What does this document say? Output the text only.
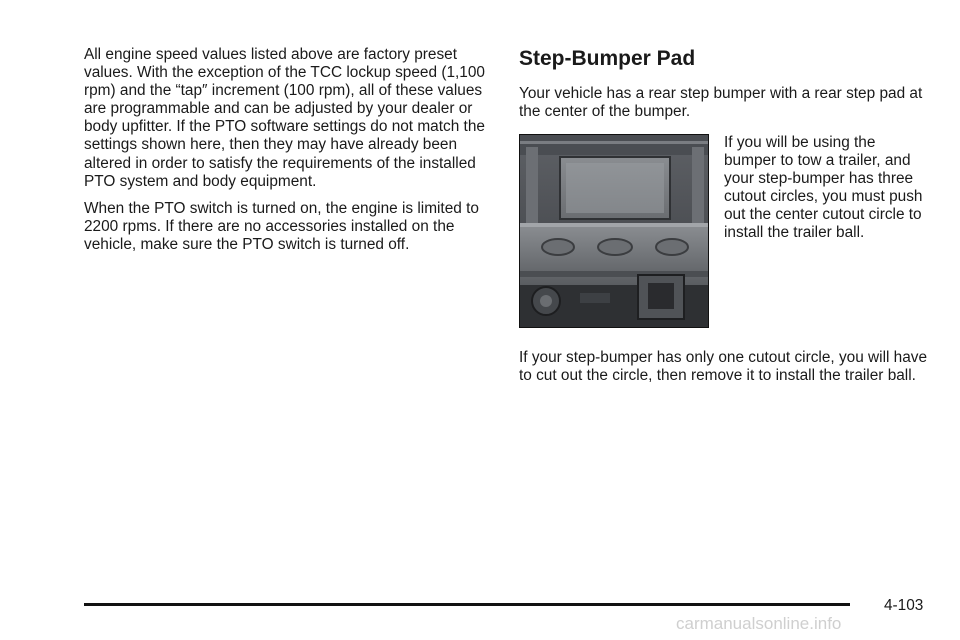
All engine speed values listed above are factory preset values. With the exception of the TCC lockup speed (1,100 rpm) and the “tap″ increment (100 rpm), all of these values are programmable and can be adjusted by your dealer or body upfitter. If the PTO software settings do not match the settings shown here, then they may have already been altered in order to satisfy the requirements of the installed PTO system and body equipment.

When the PTO switch is turned on, the engine is limited to 2200 rpms. If there are no accessories installed on the vehicle, make sure the PTO switch is turned off.

Step-Bumper Pad

Your vehicle has a rear step bumper with a rear step pad at the center of the bumper.

If you will be using the bumper to tow a trailer, and your step-bumper has three cutout circles, you must push out the center cutout circle to install the trailer ball.

If your step-bumper has only one cutout circle, you will have to cut out the circle, then remove it to install the trailer ball.

4-103
carmanualsonline.info
